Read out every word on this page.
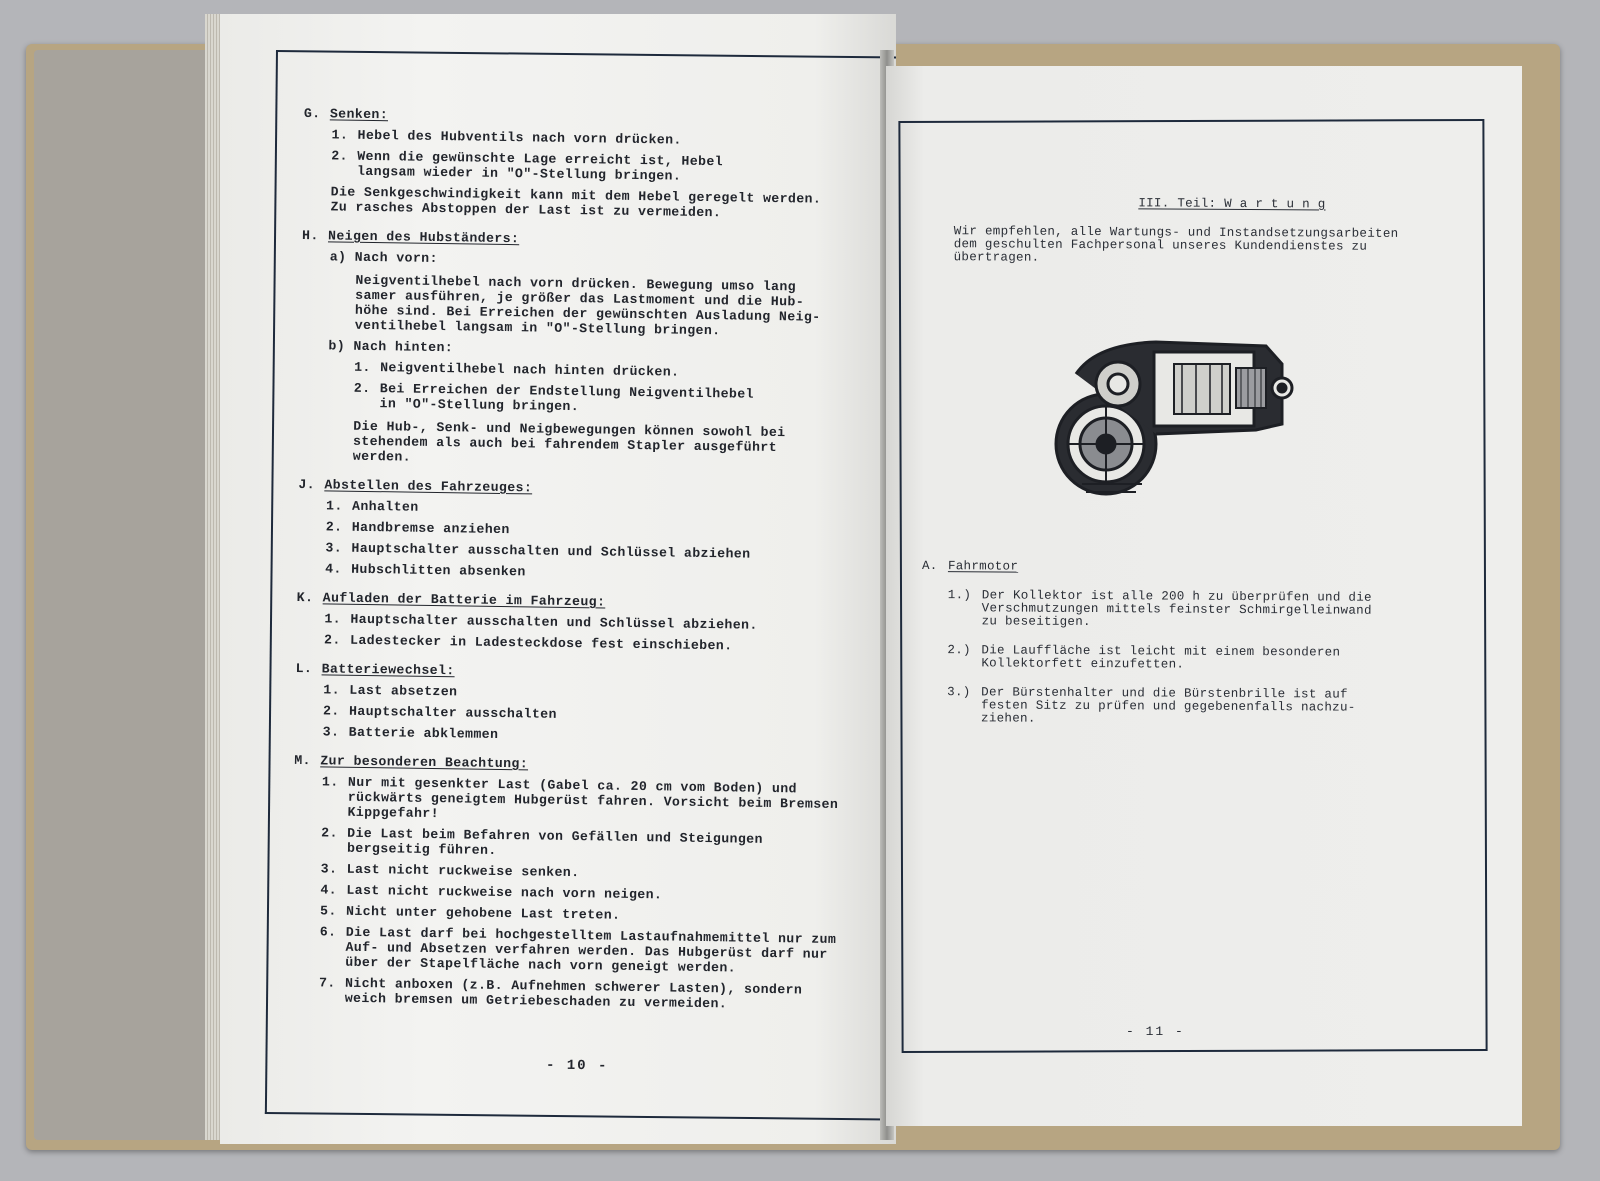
G. Senken:
1. Hebel des Hubventils nach vorn drücken.
2. Wenn die gewünschte Lage erreicht ist, Hebel
langsam wieder in "O"-Stellung bringen.
Die Senkgeschwindigkeit kann mit dem Hebel geregelt werden.
Zu rasches Abstoppen der Last ist zu vermeiden.
H. Neigen des Hubständers:
a) Nach vorn:
Neigventilhebel nach vorn drücken. Bewegung umso lang
samer ausführen, je größer das Lastmoment und die Hub-
höhe sind. Bei Erreichen der gewünschten Ausladung Neig-
ventilhebel langsam in "O"-Stellung bringen.
b) Nach hinten:
1. Neigventilhebel nach hinten drücken.
2. Bei Erreichen der Endstellung Neigventilhebel
in "O"-Stellung bringen.
Die Hub-, Senk- und Neigbewegungen können sowohl bei
stehendem als auch bei fahrendem Stapler ausgeführt
werden.
J. Abstellen des Fahrzeuges:
1. Anhalten
2. Handbremse anziehen
3. Hauptschalter ausschalten und Schlüssel abziehen
4. Hubschlitten absenken
K. Aufladen der Batterie im Fahrzeug:
1. Hauptschalter ausschalten und Schlüssel abziehen.
2. Ladestecker in Ladesteckdose fest einschieben.
L. Batteriewechsel:
1. Last absetzen
2. Hauptschalter ausschalten
3. Batterie abklemmen
M. Zur besonderen Beachtung:
1. Nur mit gesenkter Last (Gabel ca. 20 cm vom Boden) und
rückwärts geneigtem Hubgerüst fahren. Vorsicht beim Bremsen
Kippgefahr!
2. Die Last beim Befahren von Gefällen und Steigungen
bergseitig führen.
3. Last nicht ruckweise senken.
4. Last nicht ruckweise nach vorn neigen.
5. Nicht unter gehobene Last treten.
6. Die Last darf bei hochgestelltem Lastaufnahmemittel nur zum
Auf- und Absetzen verfahren werden. Das Hubgerüst darf nur
über der Stapelfläche nach vorn geneigt werden.
7. Nicht anboxen (z.B. Aufnehmen schwerer Lasten), sondern
weich bremsen um Getriebeschaden zu vermeiden.
- 10 -
III. Teil: W a r t u n g
Wir empfehlen, alle Wartungs- und Instandsetzungsarbeiten
dem geschulten Fachpersonal unseres Kundendienstes zu
übertragen.
A. Fahrmotor
1.) Der Kollektor ist alle 200 h zu überprüfen und die
Verschmutzungen mittels feinster Schmirgelleinwand
zu beseitigen.
2.) Die Lauffläche ist leicht mit einem besonderen
Kollektorfett einzufetten.
3.) Der Bürstenhalter und die Bürstenbrille ist auf
festen Sitz zu prüfen und gegebenenfalls nachzu-
ziehen.
- 11 -
